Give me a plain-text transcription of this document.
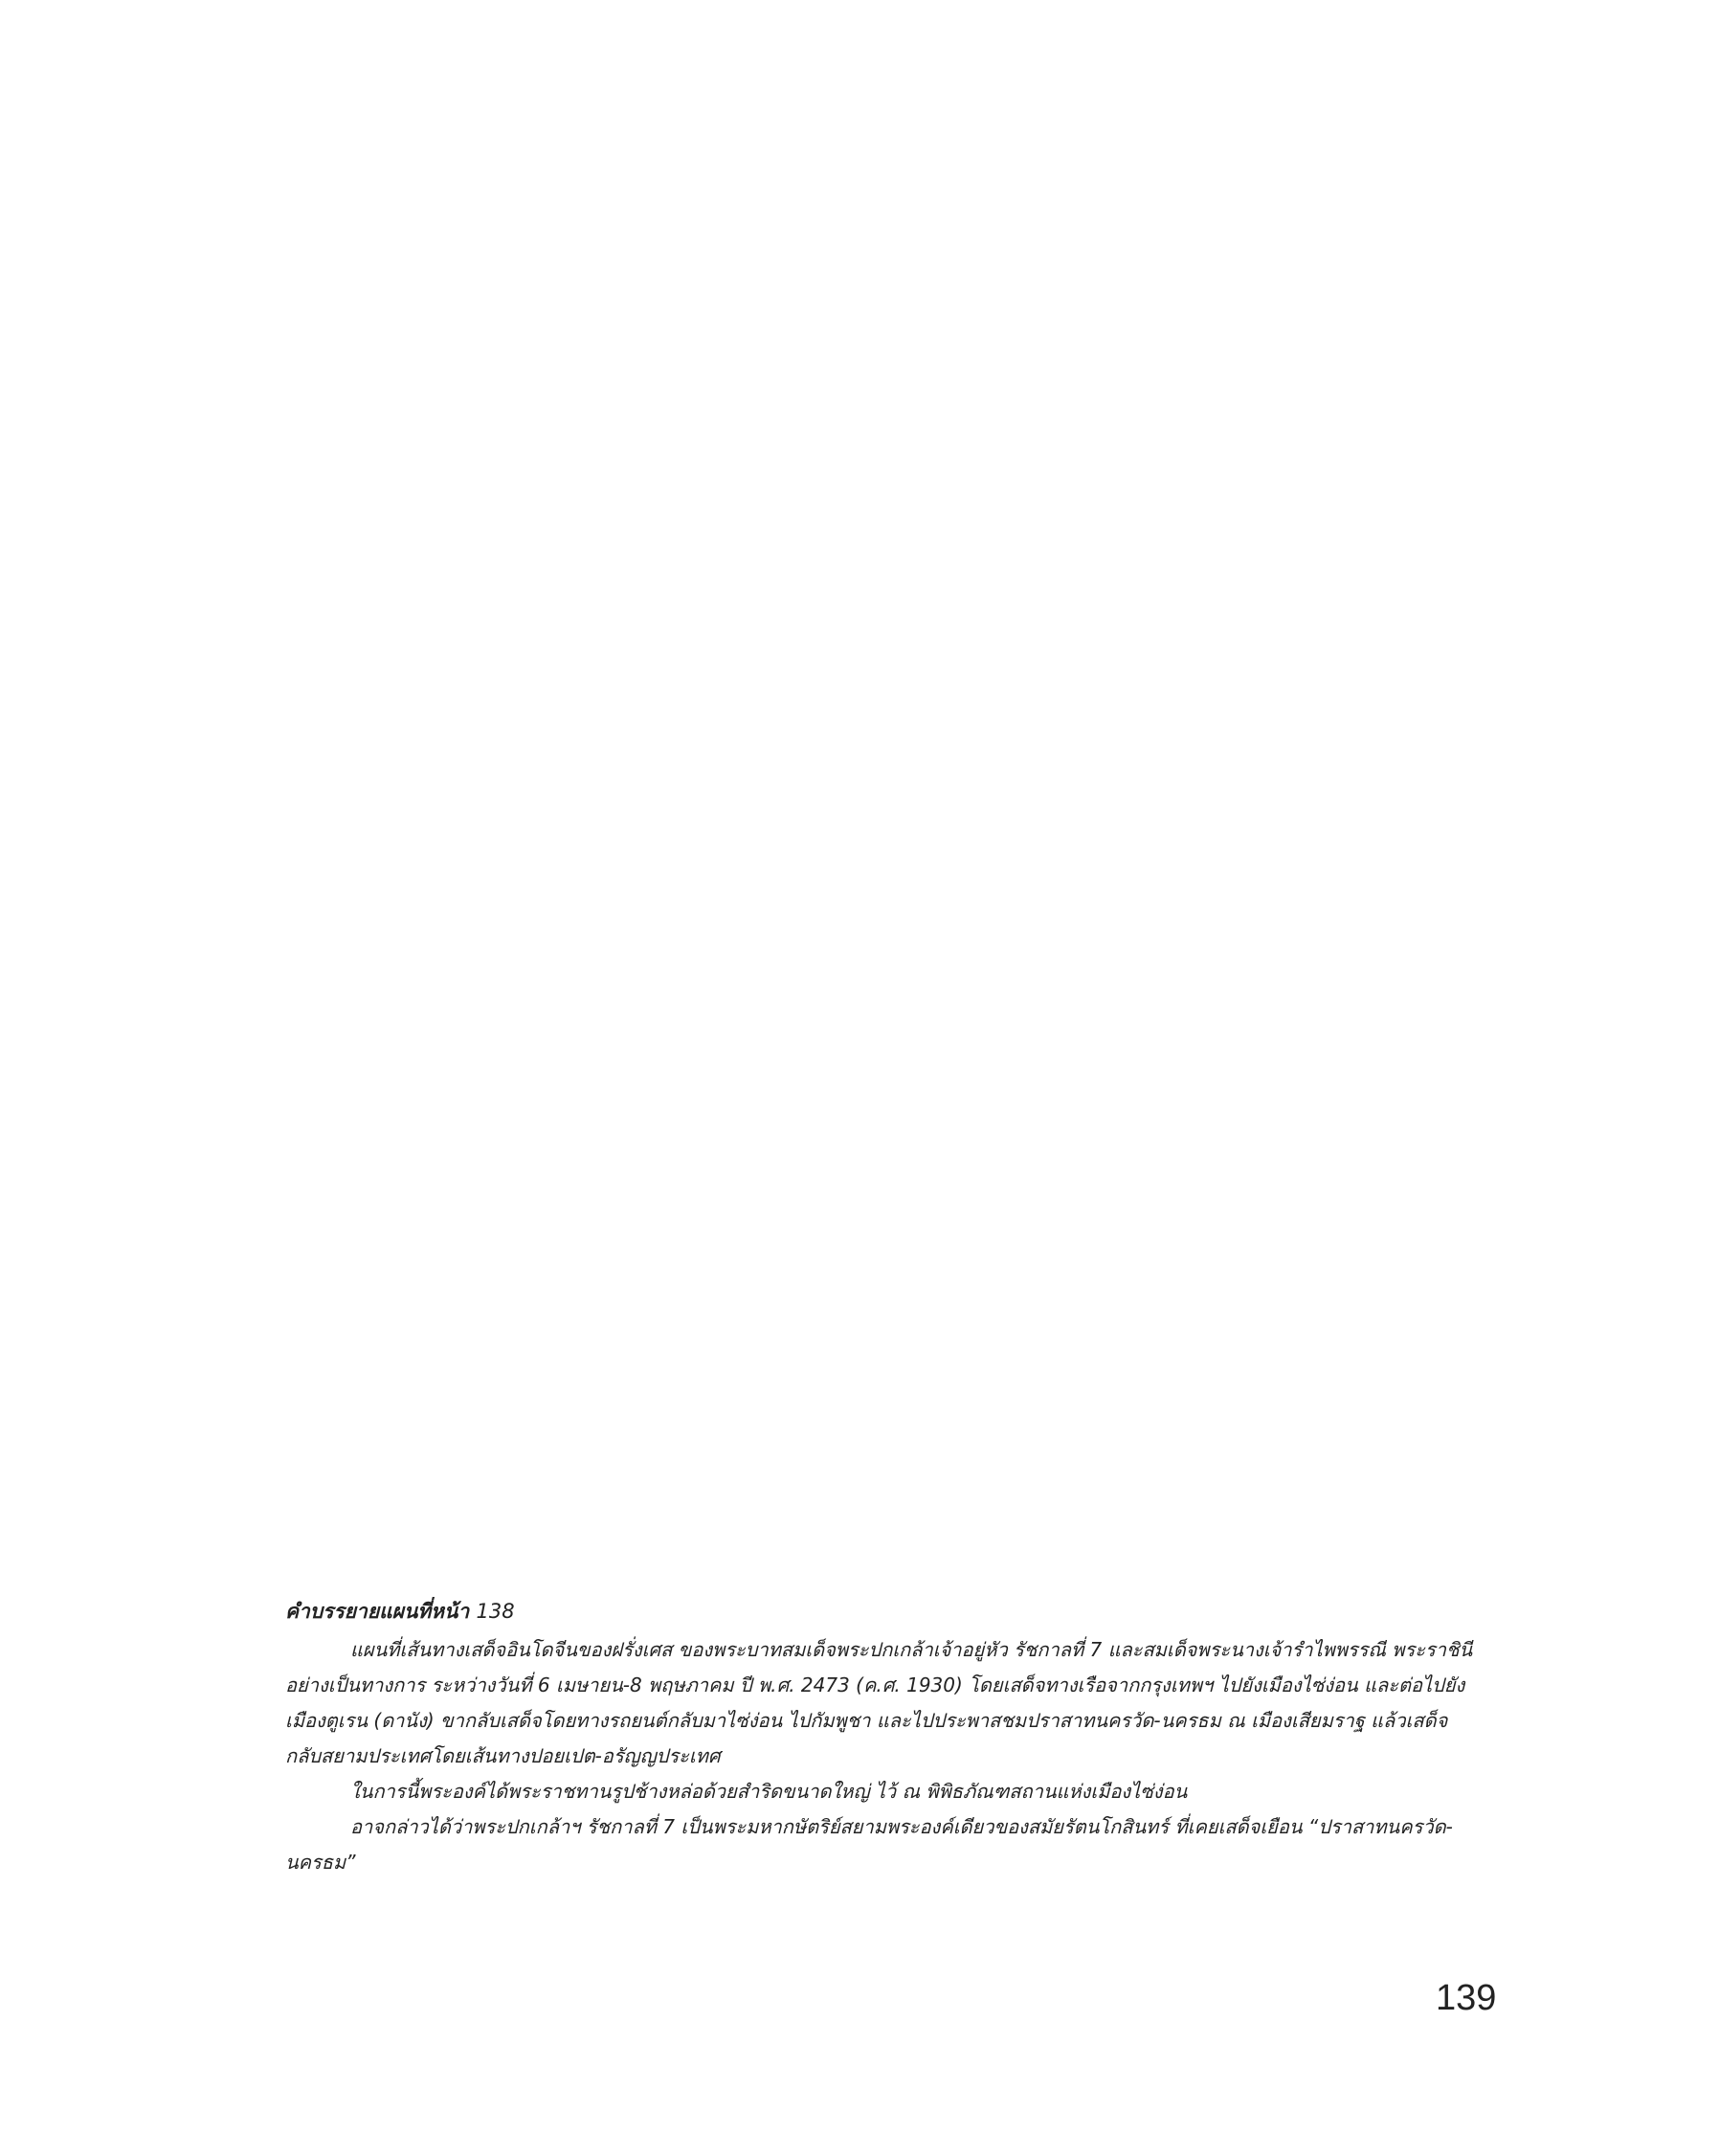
คำบรรยายแผนที่หน้า 138

แผนที่เส้นทางเสด็จอินโดจีนของฝรั่งเศส ของพระบาทสมเด็จพระปกเกล้าเจ้าอยู่หัว รัชกาลที่ 7 และสมเด็จพระนางเจ้ารำไพพรรณี พระราชินี อย่างเป็นทางการ ระหว่างวันที่ 6 เมษายน-8 พฤษภาคม ปี พ.ศ. 2473 (ค.ศ. 1930) โดยเสด็จทางเรือจากกรุงเทพฯ ไปยังเมืองไซ่ง่อน และต่อไปยังเมืองตูเรน (ดานัง) ขากลับเสด็จโดยทางรถยนต์กลับมาไซ่ง่อน ไปกัมพูชา และไปประพาสชมปราสาทนครวัด-นครธม ณ เมืองเสียมราฐ แล้วเสด็จกลับสยามประเทศโดยเส้นทางปอยเปต-อรัญญประเทศ

ในการนี้พระองค์ได้พระราชทานรูปช้างหล่อด้วยสำริดขนาดใหญ่ ไว้ ณ พิพิธภัณฑสถานแห่งเมืองไซ่ง่อน

อาจกล่าวได้ว่าพระปกเกล้าฯ รัชกาลที่ 7 เป็นพระมหากษัตริย์สยามพระองค์เดียวของสมัยรัตนโกสินทร์ ที่เคยเสด็จเยือน “ปราสาทนครวัด-นครธม”

139
